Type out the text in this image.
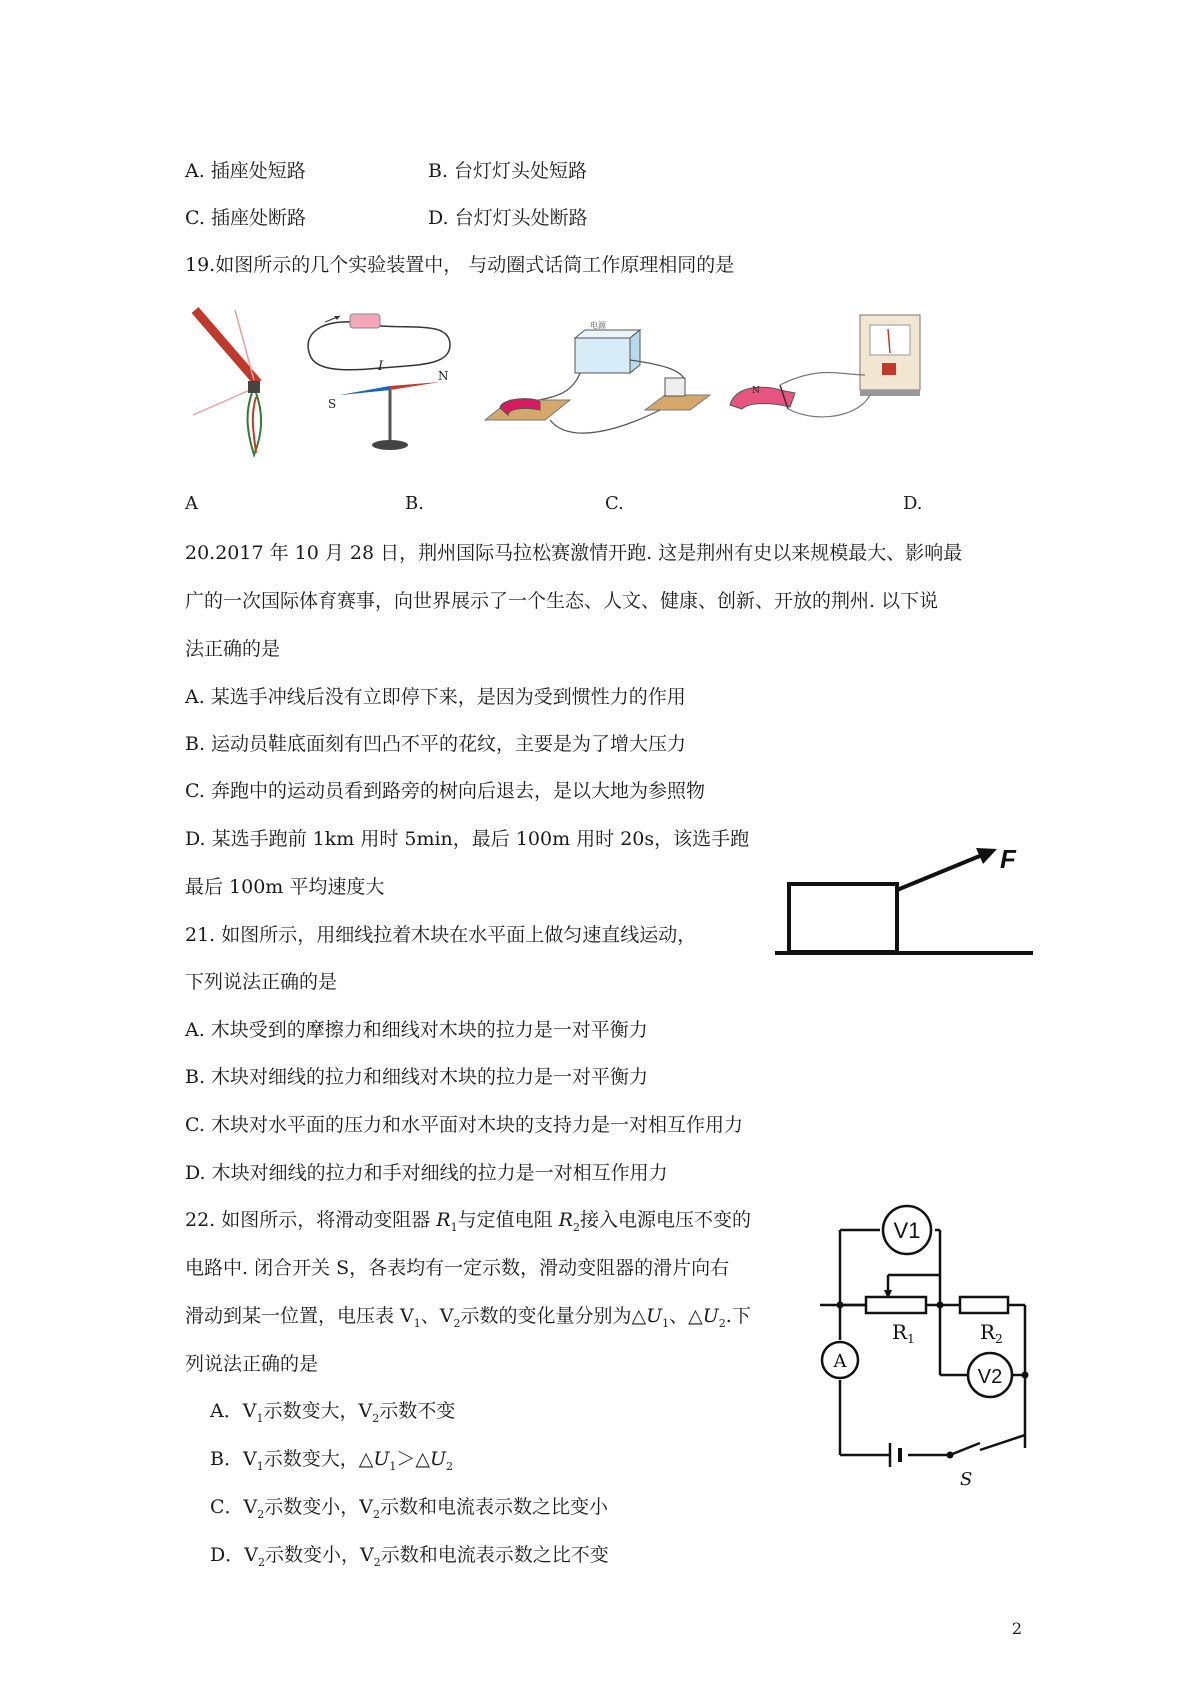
A. 插座处短路	B. 台灯灯头处短路
C. 插座处断路	D. 台灯灯头处断路
19.如图所示的几个实验装置中， 与动圈式话筒工作原理相同的是
I
S
N
电源
N
A	B.	C.	D.
20.2017 年 10 月 28 日，荆州国际马拉松赛激情开跑. 这是荆州有史以来规模最大、影响最
广的一次国际体育赛事，向世界展示了一个生态、人文、健康、创新、开放的荆州. 以下说
法正确的是
A. 某选手冲线后没有立即停下来，是因为受到惯性力的作用
B. 运动员鞋底面刻有凹凸不平的花纹，主要是为了增大压力
C. 奔跑中的运动员看到路旁的树向后退去，是以大地为参照物
D. 某选手跑前 1km 用时 5min，最后 100m 用时 20s，该选手跑
最后 100m 平均速度大
F
21. 如图所示，用细线拉着木块在水平面上做匀速直线运动，
下列说法正确的是
A. 木块受到的摩擦力和细线对木块的拉力是一对平衡力
B. 木块对细线的拉力和细线对木块的拉力是一对平衡力
C. 木块对水平面的压力和水平面对木块的支持力是一对相互作用力
D. 木块对细线的拉力和手对细线的拉力是一对相互作用力
22. 如图所示，将滑动变阻器 $R_1$与定值电阻 $R_2$接入电源电压不变的
电路中. 闭合开关 S，各表均有一定示数，滑动变阻器的滑片向右
滑动到某一位置，电压表 $V_1$、$V_2$示数的变化量分别为$\triangle U_1$、$\triangle U_2$.下
列说法正确的是
A．$V_1$示数变大，$V_2$示数不变
B．$V_1$示数变大，$\triangle U_1>\triangle U_2$
C．$V_2$示数变小，$V_2$示数和电流表示数之比变小
D．$V_2$示数变小，$V_2$示数和电流表示数之比不变
V1
A
V2
$R_1$	$R_2$
S
2
